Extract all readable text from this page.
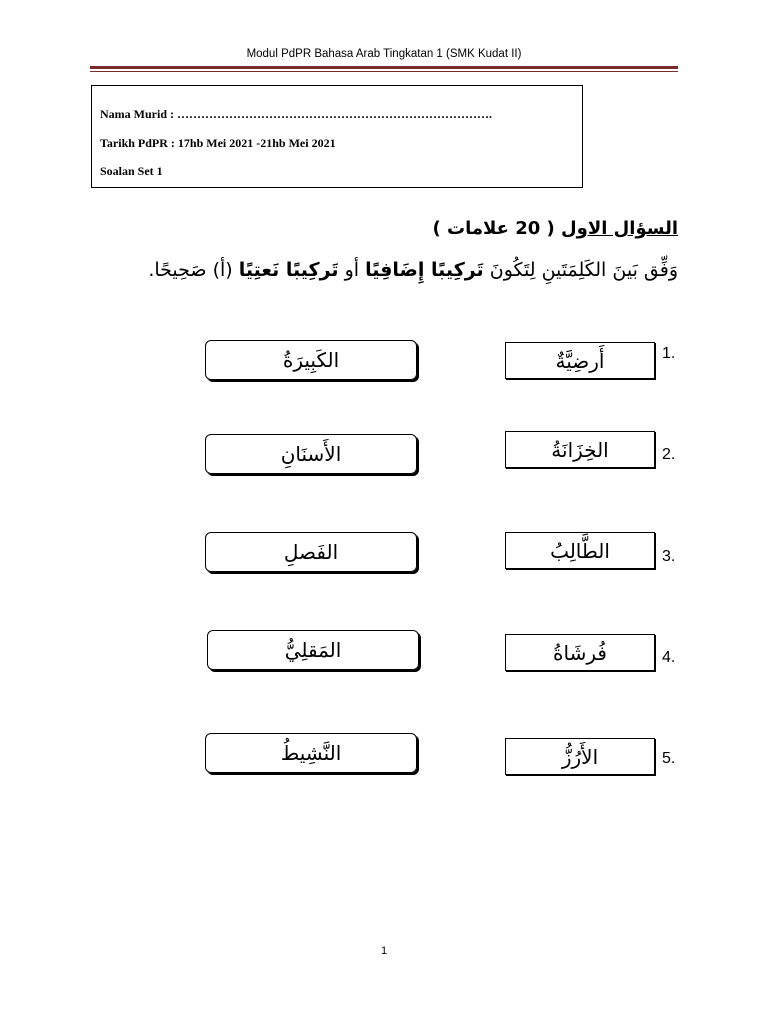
Modul PdPR Bahasa Arab Tingkatan 1 (SMK Kudat II)
Nama Murid : …………………………………………………………………….
Tarikh PdPR : 17hb Mei 2021 -21hb Mei 2021
Soalan Set 1
السؤال الاول ( 20 علامات )
وَفِّق بَينَ الكَلِمَتَينِ لِتَكُونَ تَركِيبًا إِضَافِيًا أو تَركِيبًا نَعتِيًا (أ) صَحِيحًا.
الكَبِيرَةُ	أَرضِيَّةٌ	1.
الأَسنَانِ	الخِزَانَةُ	2.
الفَصلِ	الطَّالِبُ	3.
المَقلِيُّ	فُرشَاةُ	4.
النَّشِيطُ	الأَرُزُّ	5.
1
